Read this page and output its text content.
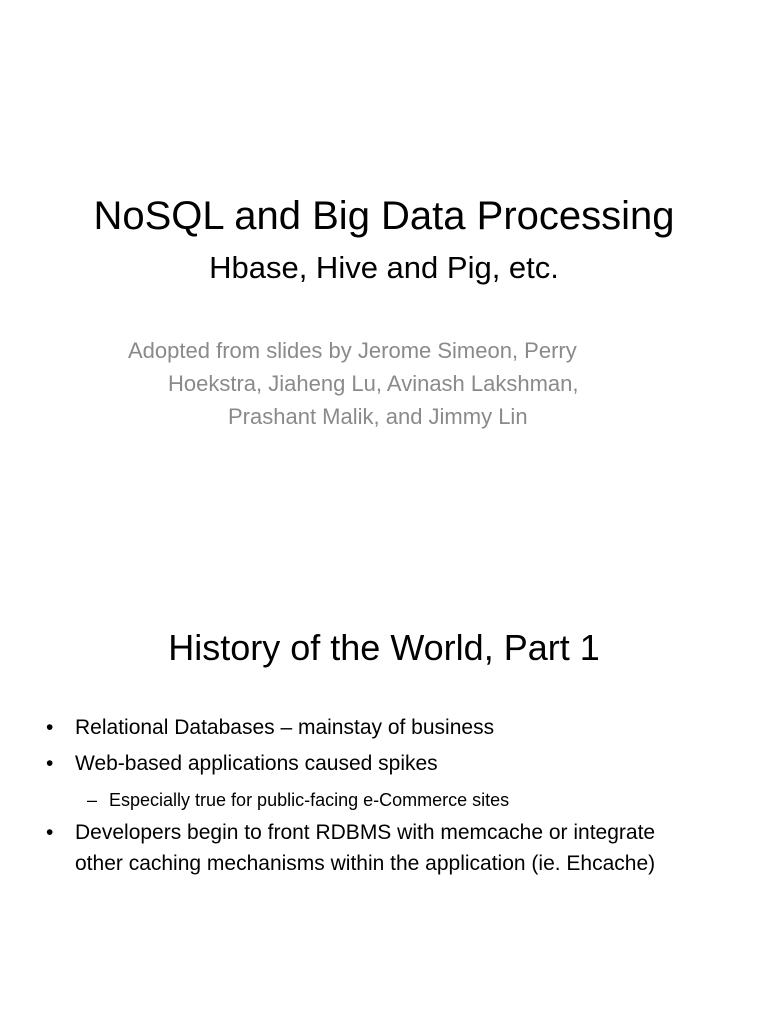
NoSQL and Big Data Processing
Hbase, Hive and Pig, etc.
Adopted from slides by Jerome Simeon, Perry
Hoekstra, Jiaheng Lu, Avinash Lakshman,
Prashant Malik, and Jimmy Lin
History of the World, Part 1
• Relational Databases – mainstay of business
• Web-based applications caused spikes
– Especially true for public-facing e-Commerce sites
• Developers begin to front RDBMS with memcache or integrate
other caching mechanisms within the application (ie. Ehcache)
